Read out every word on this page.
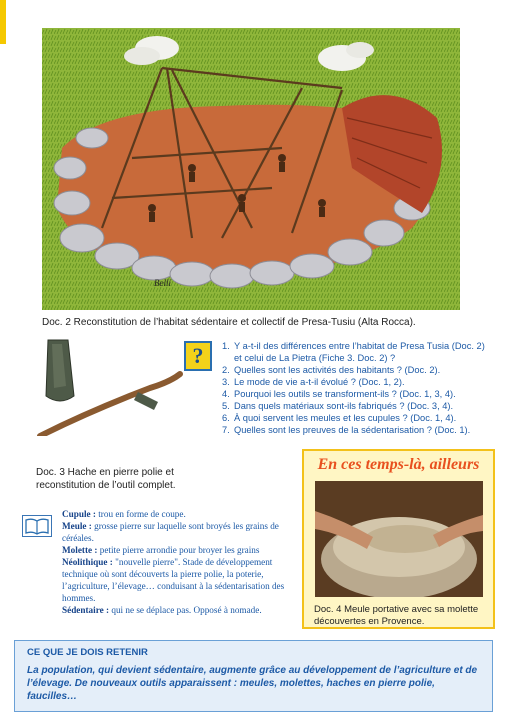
Belli
Doc. 2 Reconstitution de l’habitat sédentaire et collectif de Presa-Tusiu (Alta Rocca).
Doc. 3 Hache en pierre polie et reconstitution de l’outil complet.
?	1. Y a-t-il des différences entre l’habitat de Presa Tusia (Doc. 2) et celui de La Pietra (Fiche 3. Doc. 2) ?
2. Quelles sont les activités des habitants ? (Doc. 2).
3. Le mode de vie a-t-il évolué ? (Doc. 1, 2).
4. Pourquoi les outils se transforment-ils ? (Doc. 1, 3, 4).
5. Dans quels matériaux sont-ils fabriqués ? (Doc. 3, 4).
6. À quoi servent les meules et les cupules ? (Doc. 1, 4).
7. Quelles sont les preuves de la sédentarisation ? (Doc. 1).

Cupule : trou en forme de coupe.

Meule : grosse pierre sur laquelle sont broyés les grains de céréales.

Molette : petite pierre arrondie pour broyer les grains

Néolithique : "nouvelle pierre". Stade de développement technique où sont découverts la pierre polie, la poterie, l’agriculture, l’élevage… conduisant à la sédentarisation des hommes.

Sédentaire : qui ne se déplace pas. Opposé à nomade.

En ces temps-là, ailleurs
Doc. 4 Meule portative avec sa molette découvertes en Provence.
CE QUE JE DOIS RETENIR
La population, qui devient sédentaire, augmente grâce au développement de l’agriculture et de l’élevage. De nouveaux outils apparaissent : meules, molettes, haches en pierre polie, faucilles…
